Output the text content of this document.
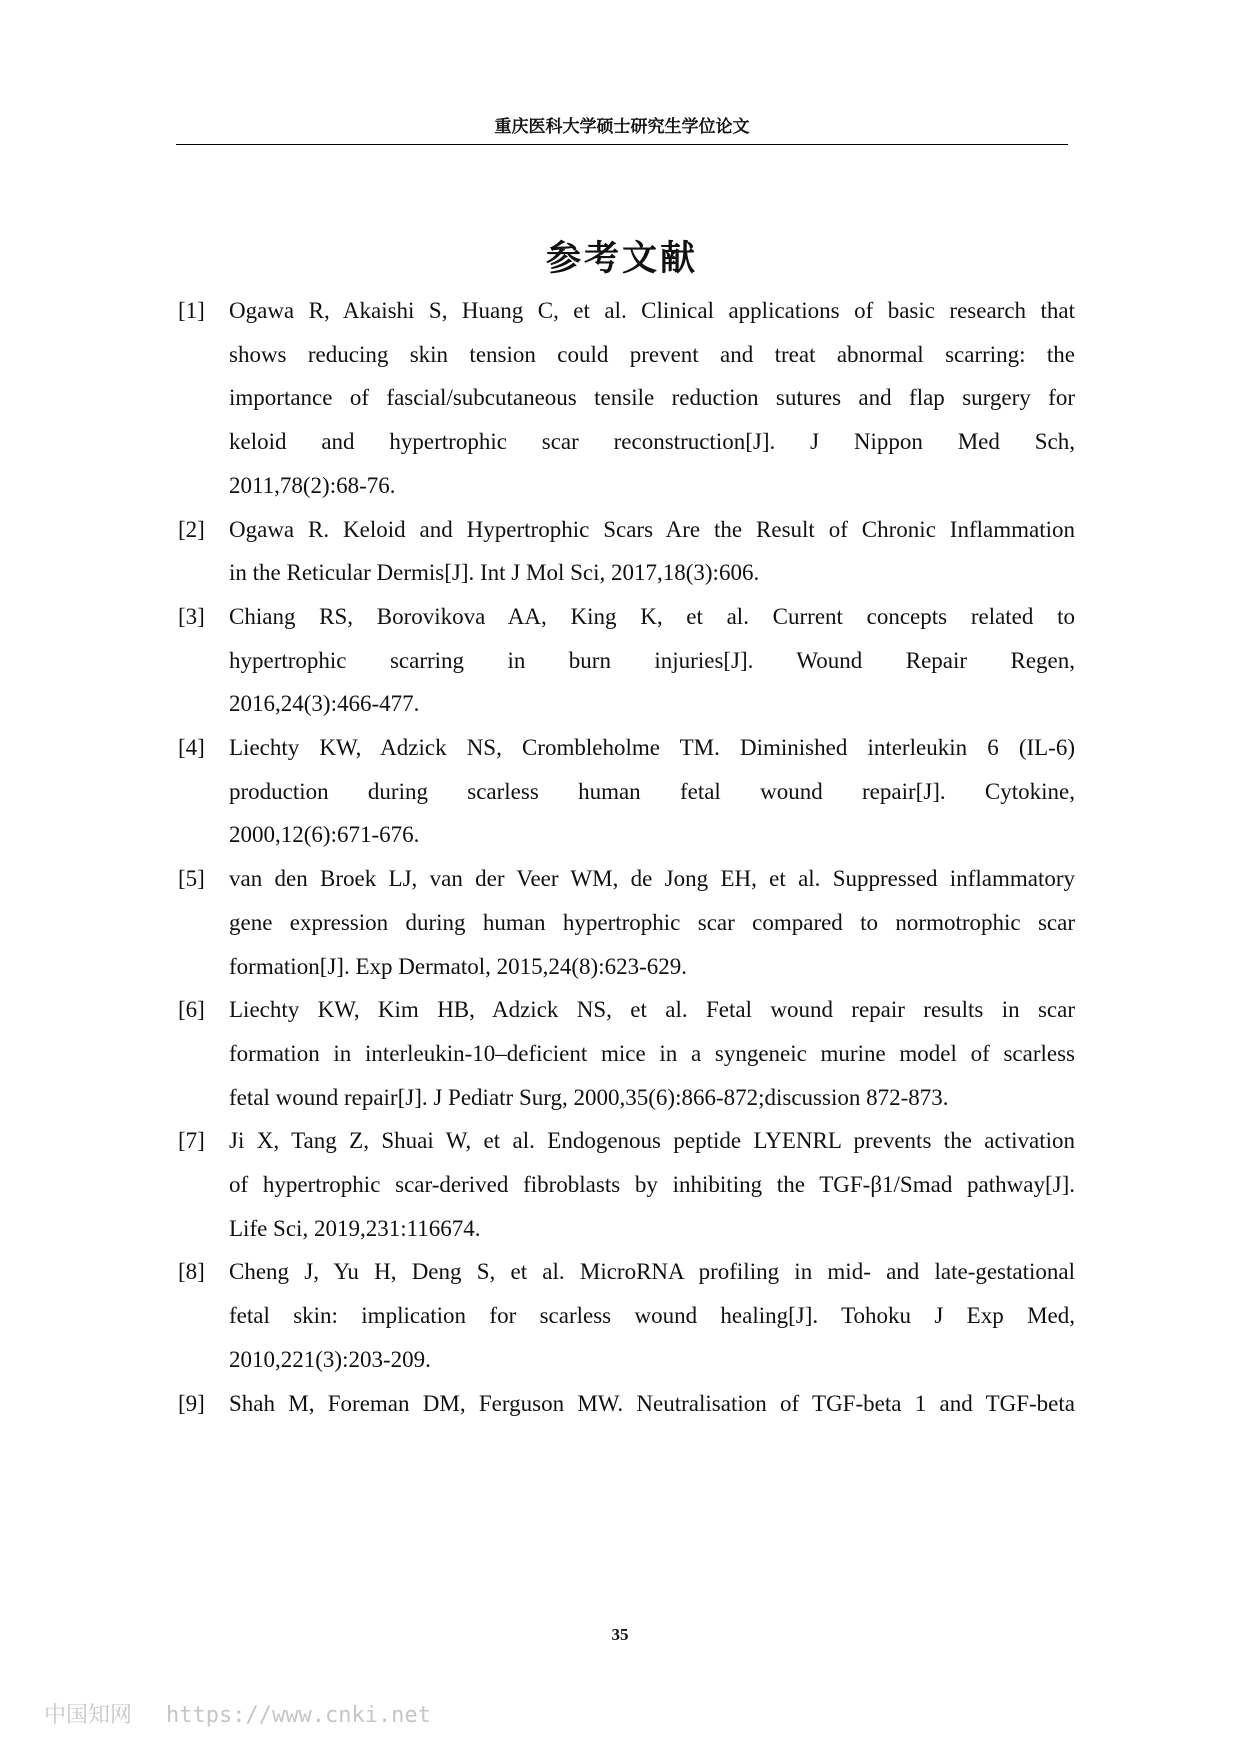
重庆医科大学硕士研究生学位论文
参考文献
[1]	Ogawa R, Akaishi S, Huang C, et al. Clinical applications of basic research that
shows reducing skin tension could prevent and treat abnormal scarring: the
importance of fascial/subcutaneous tensile reduction sutures and flap surgery for
keloid and hypertrophic scar reconstruction[J]. J Nippon Med Sch,
2011,78(2):68-76.
[2]	Ogawa R. Keloid and Hypertrophic Scars Are the Result of Chronic Inflammation
in the Reticular Dermis[J]. Int J Mol Sci, 2017,18(3):606.
[3]	Chiang RS, Borovikova AA, King K, et al. Current concepts related to
hypertrophic scarring in burn injuries[J]. Wound Repair Regen,
2016,24(3):466-477.
[4]	Liechty KW, Adzick NS, Crombleholme TM. Diminished interleukin 6 (IL-6)
production during scarless human fetal wound repair[J]. Cytokine,
2000,12(6):671-676.
[5]	van den Broek LJ, van der Veer WM, de Jong EH, et al. Suppressed inflammatory
gene expression during human hypertrophic scar compared to normotrophic scar
formation[J]. Exp Dermatol, 2015,24(8):623-629.
[6]	Liechty KW, Kim HB, Adzick NS, et al. Fetal wound repair results in scar
formation in interleukin-10–deficient mice in a syngeneic murine model of scarless
fetal wound repair[J]. J Pediatr Surg, 2000,35(6):866-872;discussion 872-873.
[7]	Ji X, Tang Z, Shuai W, et al. Endogenous peptide LYENRL prevents the activation
of hypertrophic scar-derived fibroblasts by inhibiting the TGF-β1/Smad pathway[J].
Life Sci, 2019,231:116674.
[8]	Cheng J, Yu H, Deng S, et al. MicroRNA profiling in mid- and late-gestational
fetal skin: implication for scarless wound healing[J]. Tohoku J Exp Med,
2010,221(3):203-209.
[9]	Shah M, Foreman DM, Ferguson MW. Neutralisation of TGF-beta 1 and TGF-beta
35
中国知网 https://www.cnki.net
